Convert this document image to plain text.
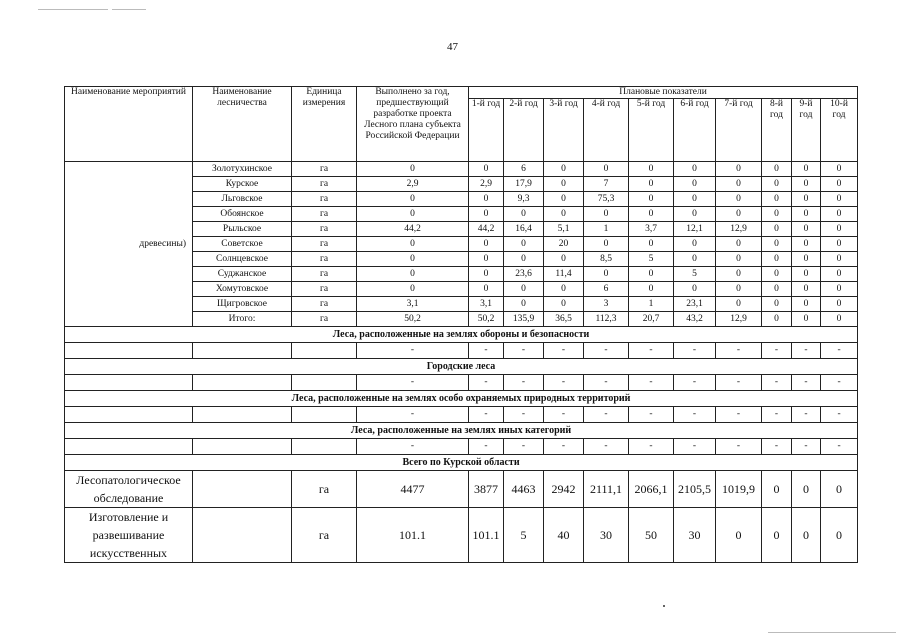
47
Наименование мероприятий	Наименование лесничества	Единица измерения	Выполнено за год, предшествующий разработке проекта Лесного плана субъекта Российской Федерации	Плановые показатели									
				1-й год	2-й год	3-й год	4-й год	5-й год	6-й год	7-й год	8-й год	9-й год	10-й год
древесины)	Золотухинское	га	0	0	6	0	0	0	0	0	0	0	0
	Курское	га	2,9	2,9	17,9	0	7	0	0	0	0	0	0
	Льговское	га	0	0	9,3	0	75,3	0	0	0	0	0	0
	Обоянское	га	0	0	0	0	0	0	0	0	0	0	0
	Рыльское	га	44,2	44,2	16,4	5,1	1	3,7	12,1	12,9	0	0	0
	Советское	га	0	0	0	20	0	0	0	0	0	0	0
	Солнцевское	га	0	0	0	0	8,5	5	0	0	0	0	0
	Суджанское	га	0	0	23,6	11,4	0	0	5	0	0	0	0
	Хомутовское	га	0	0	0	0	6	0	0	0	0	0	0
	Щигровское	га	3,1	3,1	0	0	3	1	23,1	0	0	0	0
	Итого:	га	50,2	50,2	135,9	36,5	112,3	20,7	43,2	12,9	0	0	0
Леса, расположенные на землях обороны и безопасности													
			-	-	-	-	-	-	-	-	-	-	-
Городские леса													
			-	-	-	-	-	-	-	-	-	-	-
Леса, расположенные на землях особо охраняемых природных территорий													
			-	-	-	-	-	-	-	-	-	-	-
Леса, расположенные на землях иных категорий													
			-	-	-	-	-	-	-	-	-	-	-
Всего по Курской области													
Лесопатологическое обследование		га	4477	3877	4463	2942	2111,1	2066,1	2105,5	1019,9	0	0	0
Изготовление и развешивание искусственных		га	101.1	101.1	5	40	30	50	30	0	0	0	0
